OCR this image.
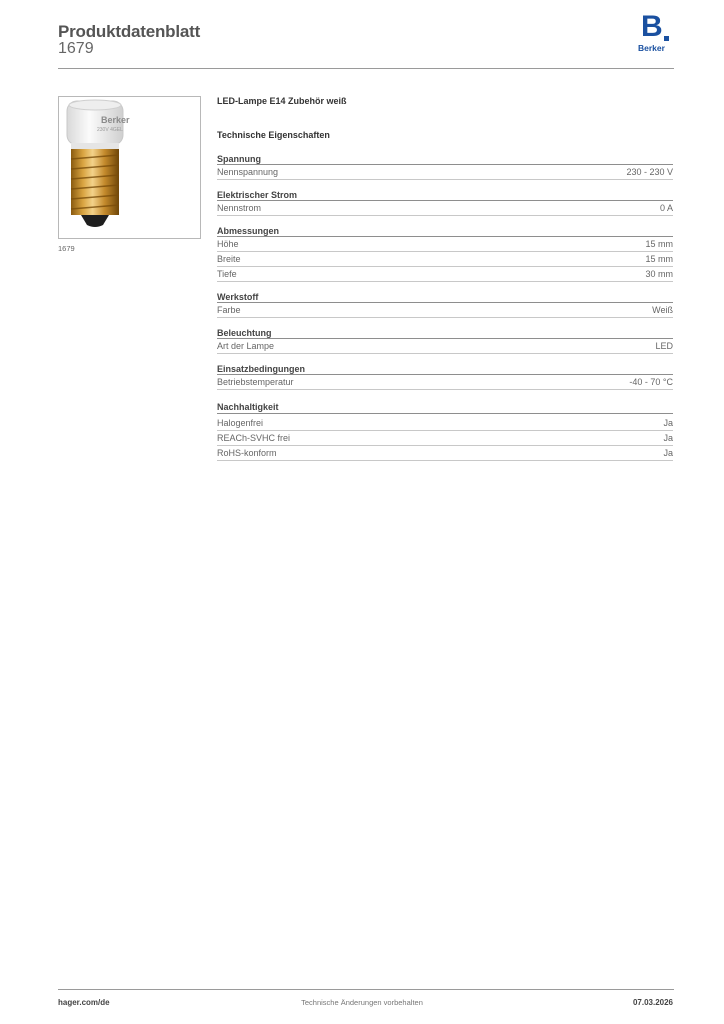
Produktdatenblatt
1679
B
Berker
Berker
230V 4GEL
1679
LED-Lampe E14 Zubehör weiß
Technische Eigenschaften
Spannung
Nennspannung	230 - 230 V
Elektrischer Strom
Nennstrom	0 A
Abmessungen
Höhe	15 mm
Breite	15 mm
Tiefe	30 mm
Werkstoff
Farbe	Weiß
Beleuchtung
Art der Lampe	LED
Einsatzbedingungen
Betriebstemperatur	-40 - 70 °C
Nachhaltigkeit
Halogenfrei	Ja
REACh-SVHC frei	Ja
RoHS-konform	Ja
hager.com/de	Technische Änderungen vorbehalten	07.03.2026
